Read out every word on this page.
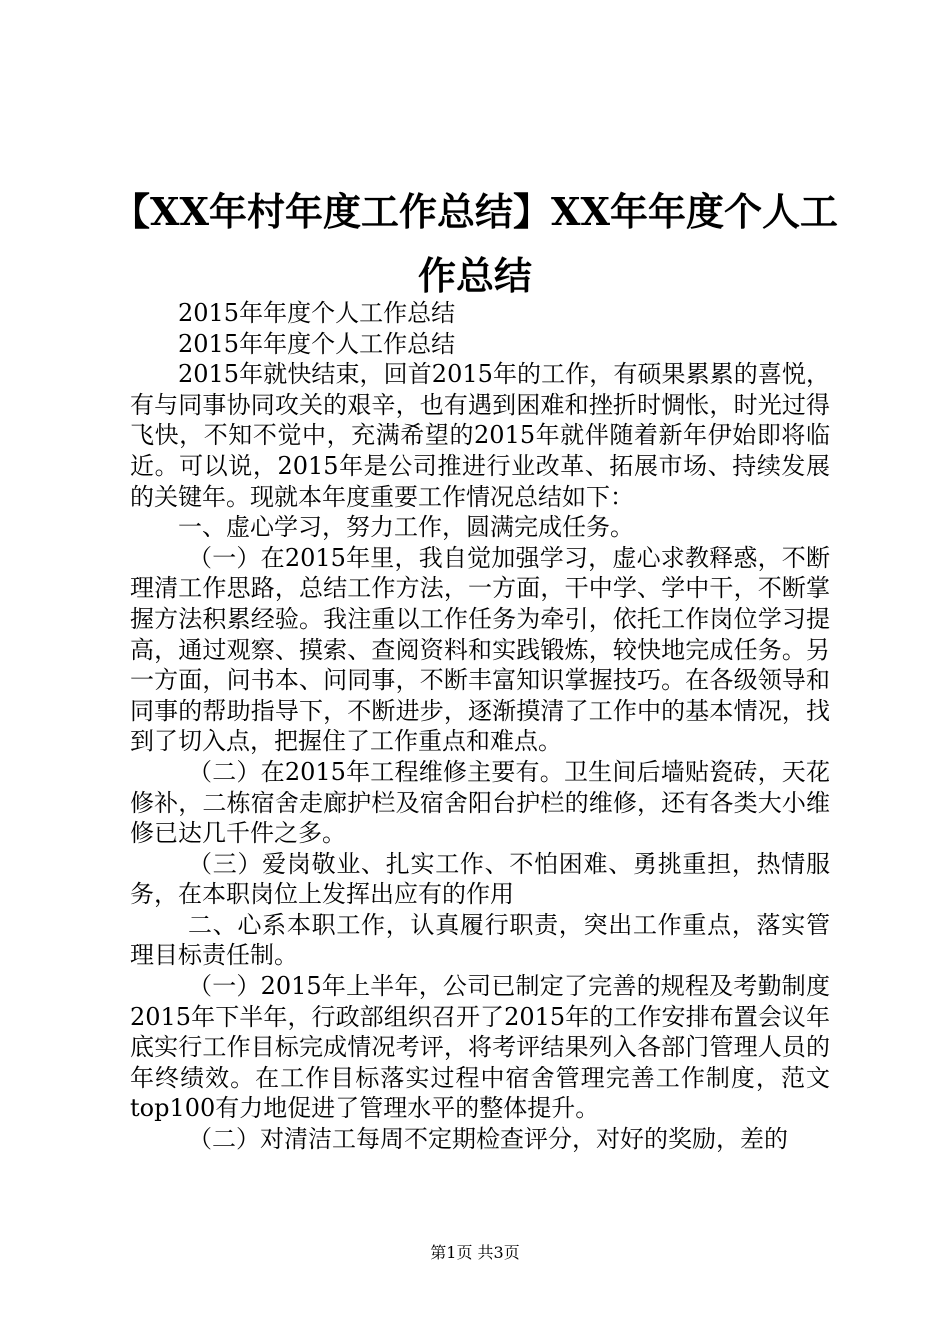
【XX年村年度工作总结】XX年年度个人工作总结

2015年年度个人工作总结

2015年年度个人工作总结

2015年就快结束，回首2015年的工作，有硕果累累的喜悦，有与同事协同攻关的艰辛，也有遇到困难和挫折时惆怅，时光过得飞快，不知不觉中，充满希望的2015年就伴随着新年伊始即将临近。可以说，2015年是公司推进行业改革、拓展市场、持续发展的关键年。现就本年度重要工作情况总结如下：

一、虚心学习，努力工作，圆满完成任务。

（一）在2015年里，我自觉加强学习，虚心求教释惑，不断理清工作思路，总结工作方法，一方面，干中学、学中干，不断掌握方法积累经验。我注重以工作任务为牵引，依托工作岗位学习提高，通过观察、摸索、查阅资料和实践锻炼，较快地完成任务。另一方面，问书本、问同事，不断丰富知识掌握技巧。在各级领导和同事的帮助指导下，不断进步，逐渐摸清了工作中的基本情况，找到了切入点，把握住了工作重点和难点。

（二）在2015年工程维修主要有。卫生间后墙贴瓷砖，天花修补，二栋宿舍走廊护栏及宿舍阳台护栏的维修，还有各类大小维修已达几千件之多。

（三）爱岗敬业、扎实工作、不怕困难、勇挑重担，热情服务，在本职岗位上发挥出应有的作用

二、心系本职工作，认真履行职责，突出工作重点，落实管理目标责任制。

（一）2015年上半年，公司已制定了完善的规程及考勤制度2015年下半年，行政部组织召开了2015年的工作安排布置会议年底实行工作目标完成情况考评，将考评结果列入各部门管理人员的年终绩效。在工作目标落实过程中宿舍管理完善工作制度，范文top100有力地促进了管理水平的整体提升。

（二）对清洁工每周不定期检查评分，对好的奖励，差的

第1页 共3页
